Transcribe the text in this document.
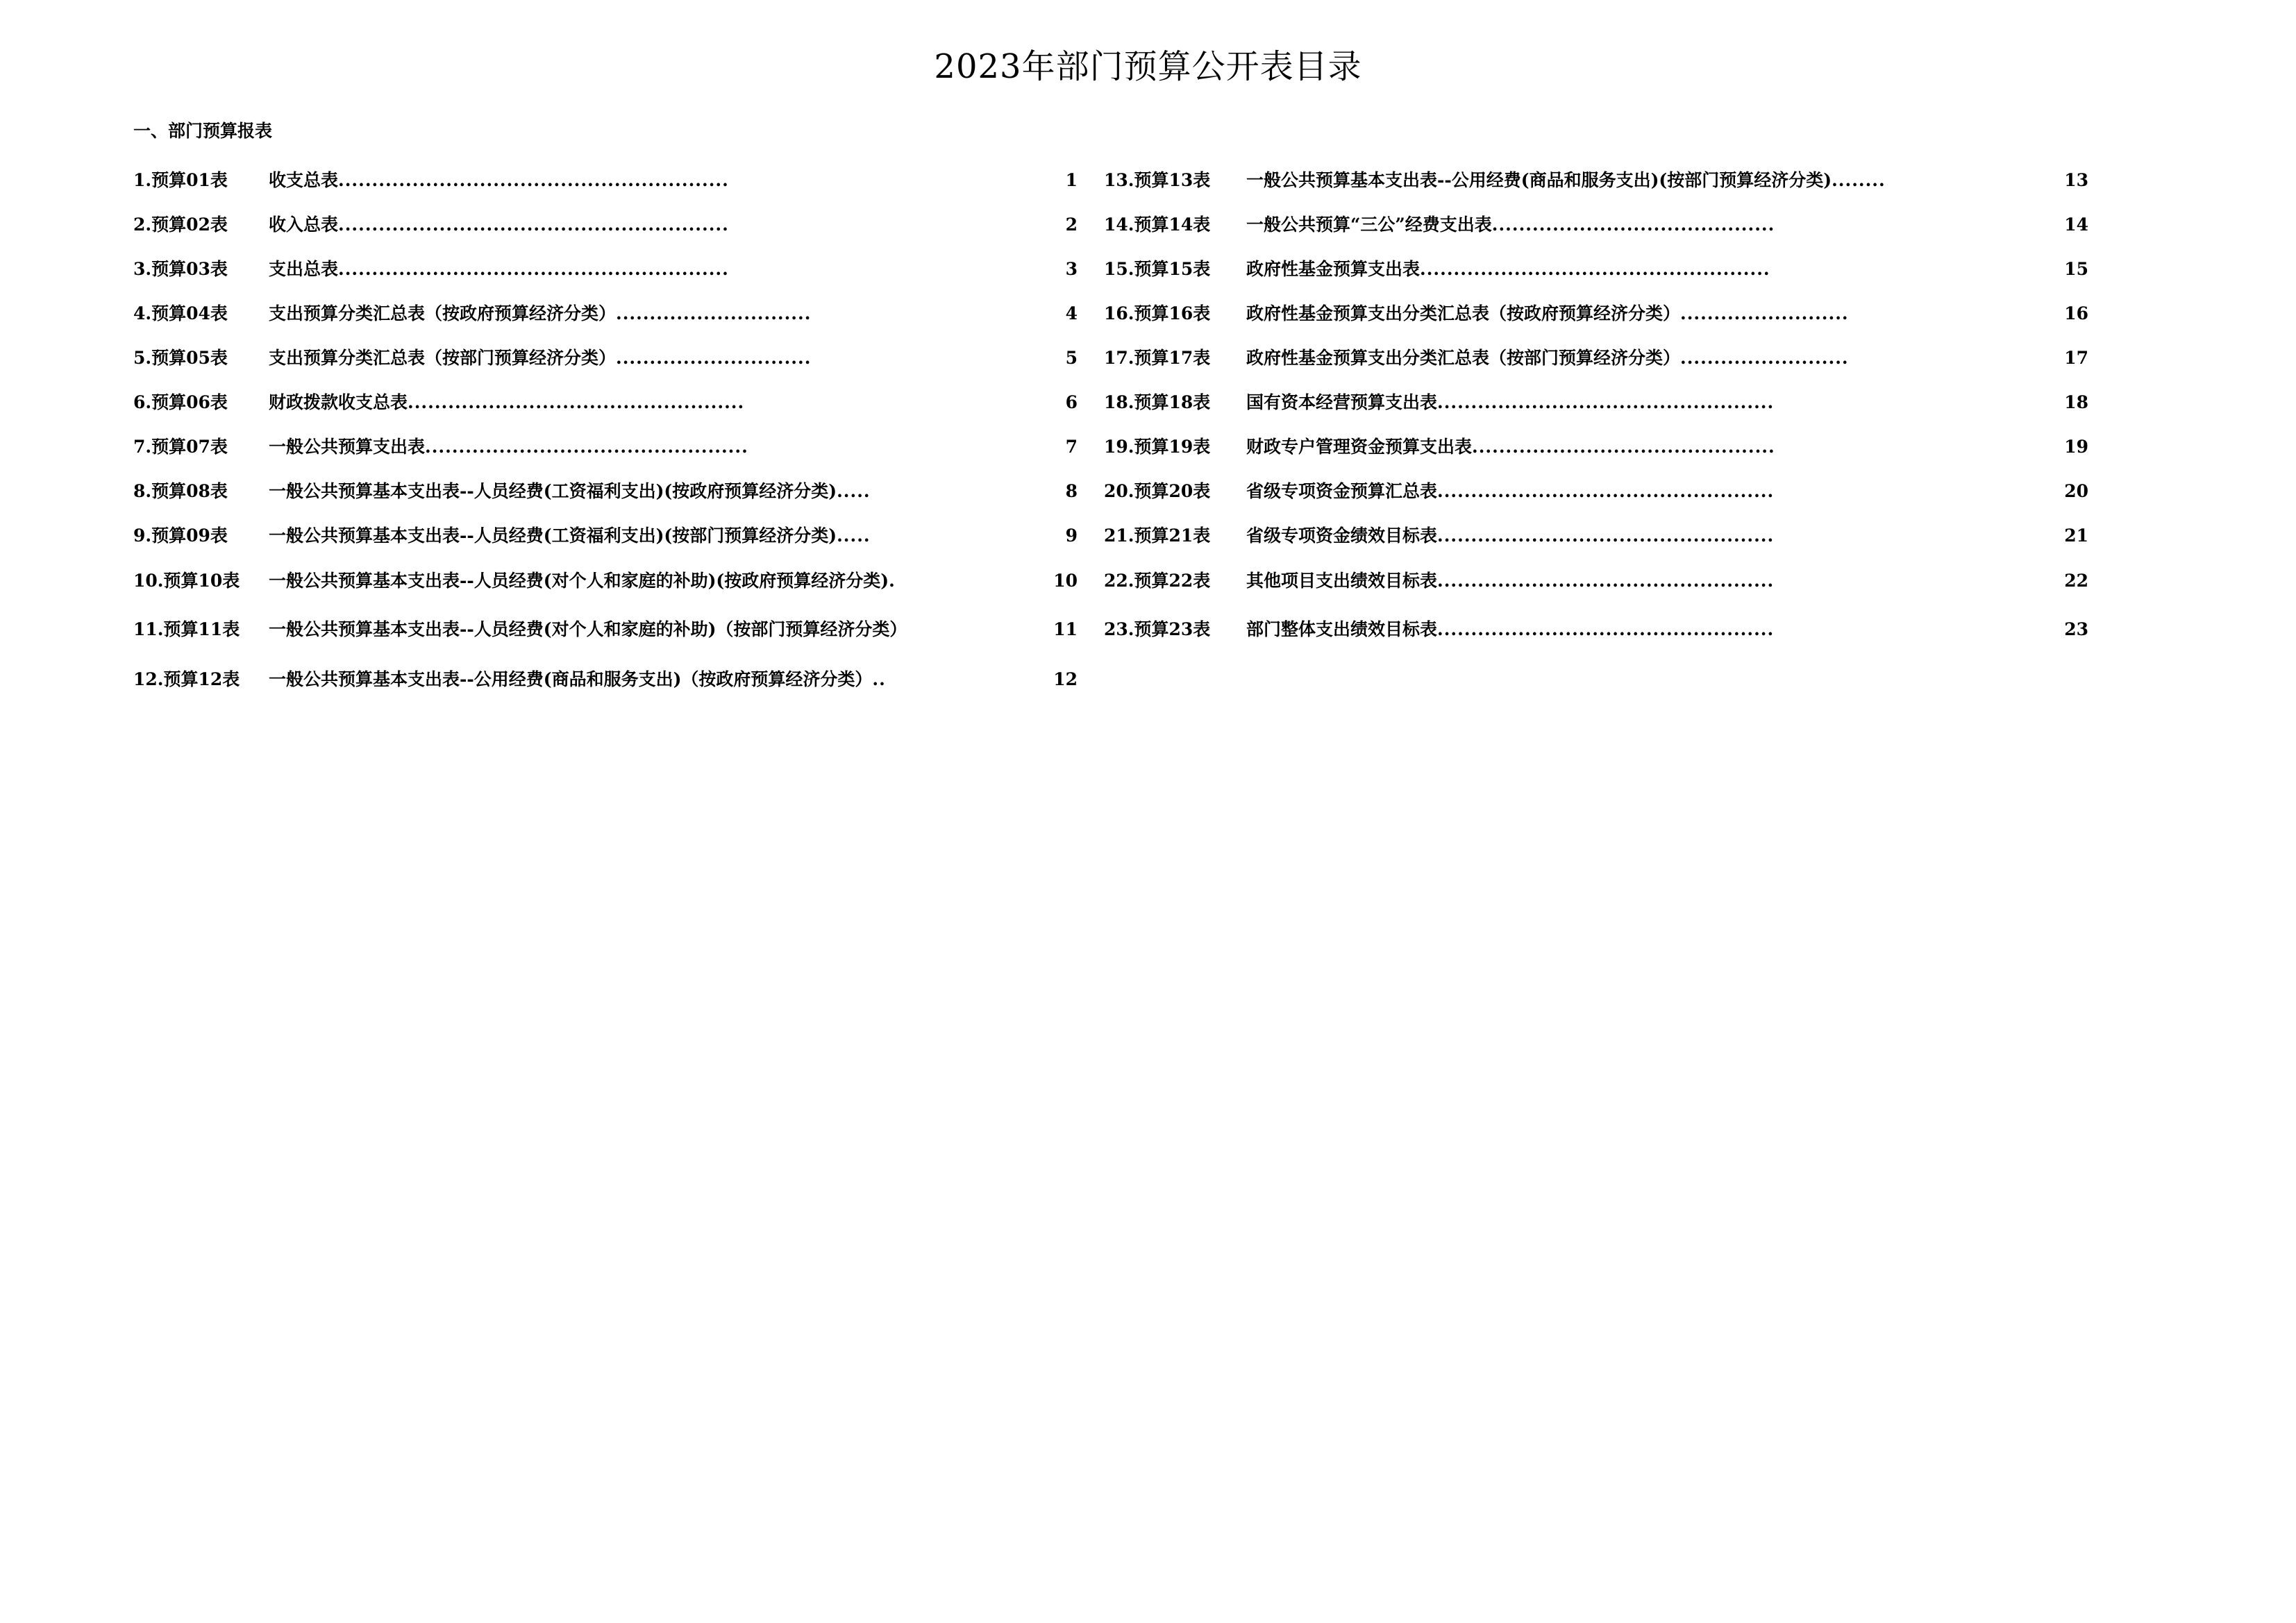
2023年部门预算公开表目录
一、部门预算报表
1.预算01表 收支总表..........................................................	1
2.预算02表 收入总表..........................................................	2
3.预算03表 支出总表..........................................................	3
4.预算04表 支出预算分类汇总表（按政府预算经济分类）.............................	4
5.预算05表 支出预算分类汇总表（按部门预算经济分类）.............................	5
6.预算06表 财政拨款收支总表..................................................	6
7.预算07表 一般公共预算支出表................................................	7
8.预算08表 一般公共预算基本支出表--人员经费(工资福利支出)(按政府预算经济分类).....	8
9.预算09表 一般公共预算基本支出表--人员经费(工资福利支出)(按部门预算经济分类).....	9
10.预算10表 一般公共预算基本支出表--人员经费(对个人和家庭的补助)(按政府预算经济分类).	10
11.预算11表 一般公共预算基本支出表--人员经费(对个人和家庭的补助)（按部门预算经济分类）	11
12.预算12表 一般公共预算基本支出表--公用经费(商品和服务支出)（按政府预算经济分类）..	12
13.预算13表 一般公共预算基本支出表--公用经费(商品和服务支出)(按部门预算经济分类)........	13
14.预算14表 一般公共预算“三公”经费支出表..........................................	14
15.预算15表 政府性基金预算支出表....................................................	15
16.预算16表 政府性基金预算支出分类汇总表（按政府预算经济分类）.........................	16
17.预算17表 政府性基金预算支出分类汇总表（按部门预算经济分类）.........................	17
18.预算18表 国有资本经营预算支出表..................................................	18
19.预算19表 财政专户管理资金预算支出表.............................................	19
20.预算20表 省级专项资金预算汇总表..................................................	20
21.预算21表 省级专项资金绩效目标表..................................................	21
22.预算22表 其他项目支出绩效目标表..................................................	22
23.预算23表 部门整体支出绩效目标表..................................................	23
